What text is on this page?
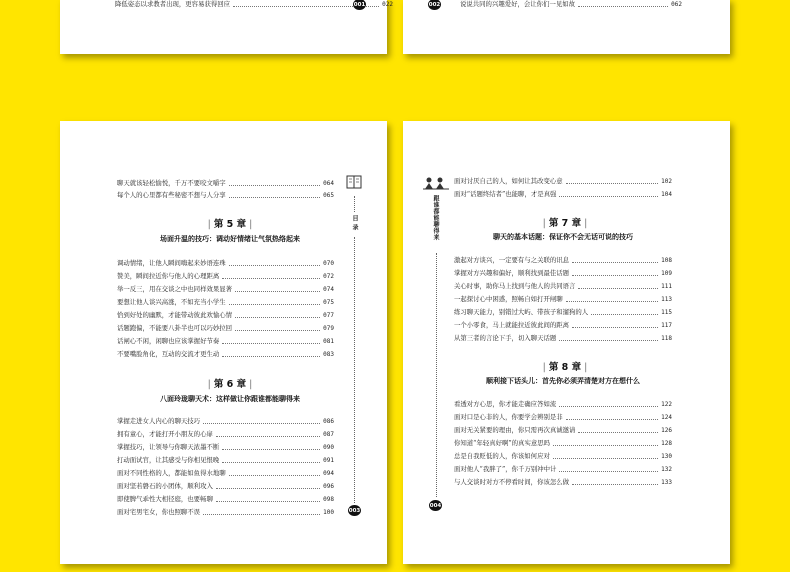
降低姿态以求教者出现，更容易获得回应	022
001	002	说说共同的兴趣爱好，会让你们一见如故	062
聊天就该轻松愉悦，千万不要咬文嚼字	064
每个人的心里都有些秘密不想与人分享	065
| 第 5 章 |
场面升温的技巧：调动好情绪让气氛热络起来
调动情绪，让他人瞬间嗨起来妙语连珠	070
赞美，瞬间拉近你与他人的心理距离	072
举一反三，用在交谈之中也同样效果显著	074
要想让他人谈兴高涨，不如充当小学生	075
恰到好处的幽默，才能带动彼此欢愉心情	077
话题跑偏，不能要八卦半也可以巧妙拉回	079
话闸心不闲，闲聊也应该掌握好节奏	081
不要嘴脸角化，互动的交流才更生动	083
| 第 6 章 |
八面玲珑聊天术：这样做让你跟谁都能聊得来
掌握走进女人内心的聊天技巧	086
拥有童心，才能打开小朋友的心扉	087
掌握技巧，让领导与你聊天浓墨不断	090
打动面试官，让其感受与你相见恨晚	091
面对不同性格的人，都能如鱼得水地聊	094
面对坚若磐石的小团体，顺利攻入	096
即使脾气乖性大相径庭，也要畅聊	098
面对宅男宅女，你也照聊不误	100
目 录
003
跟谁都能聊得来
004
面对讨厌自己的人，如何让其改变心意	102
面对“话题终结者”也能聊，才是真强	104
| 第 7 章 |
聊天的基本话题：保证你不会无话可说的技巧
激起对方谈兴，一定要有与之关联的讯息	108
掌握对方兴趣和偏好，顺利找到最佳话题	109
关心时事，助你马上找到与他人的共同语言	111
一起探讨心中困惑，照畅自如打开闸聊	113
练习聊天能力，别错过大屿、带孩子和遛狗的人	115
一个小零食，马上就能拉近彼此间的距离	117
从第三者的言论下手，切入聊天话题	118
| 第 8 章 |
顺利接下话头儿：首先你必须弄清楚对方在想什么
看透对方心思，你才能走确应答如流	122
面对口是心非的人，你要学会辨别是非	124
面对无关紧要的理由，你只需再次真诚邀请	126
你知道“年轻真好啊”的真实意思吗	128
总是自我贬低的人，你该如何应对	130
面对他人“我胖了”，你千万别冲中计	132
与人交谈时对方不停看时间，你该怎么做	133
